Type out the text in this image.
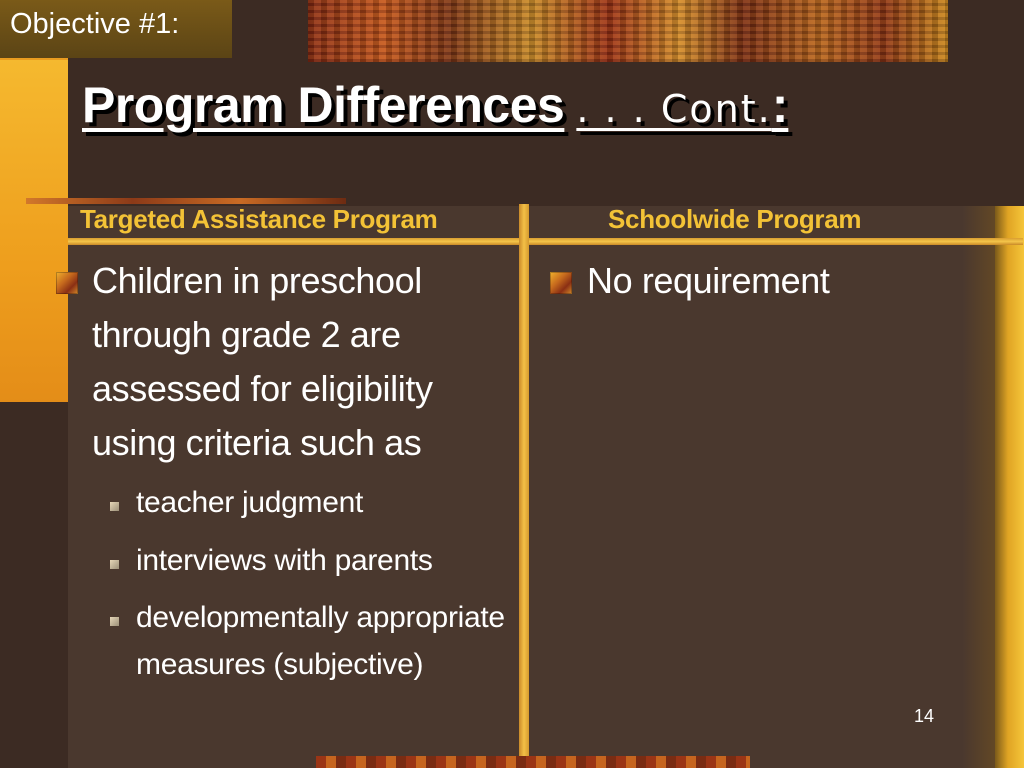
Objective #1:
Program Differences . . . Cont.:
Targeted Assistance Program	Schoolwide Program
Children in preschool through grade 2 are assessed for eligibility using criteria such as
teacher judgment
interviews with parents
developmentally appropriate measures (subjective)
No requirement
14
